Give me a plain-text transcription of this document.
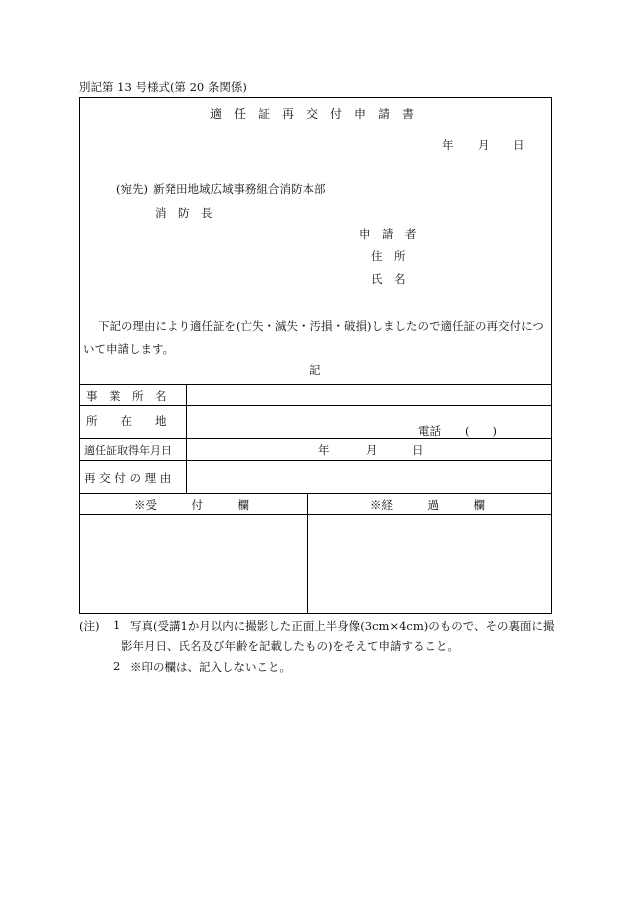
別記第 13 号様式(第 20 条関係)
適　任　証　再　交　付　申　請　書
年 月 日
(宛先) 新発田地域広域事務組合消防本部
消　防　長
申　請　者
住　所
氏　名
下記の理由により適任証を(亡失・滅失・汚損・破損)しましたので適任証の再交付につ
いて申請します。
記
事　業　所　名
所　　在　　地
電話 (　　)
適任証取得年月日	年	月	日
再 交 付 の 理 由
※受　　　付　　　欄	※経　　　過　　　欄
(注) 1 写真(受講1か月以内に撮影した正面上半身像(3cm×4cm)のもので、その裏面に撮
影年月日、氏名及び年齢を記載したもの)をそえて申請すること。
2 ※印の欄は、記入しないこと。
